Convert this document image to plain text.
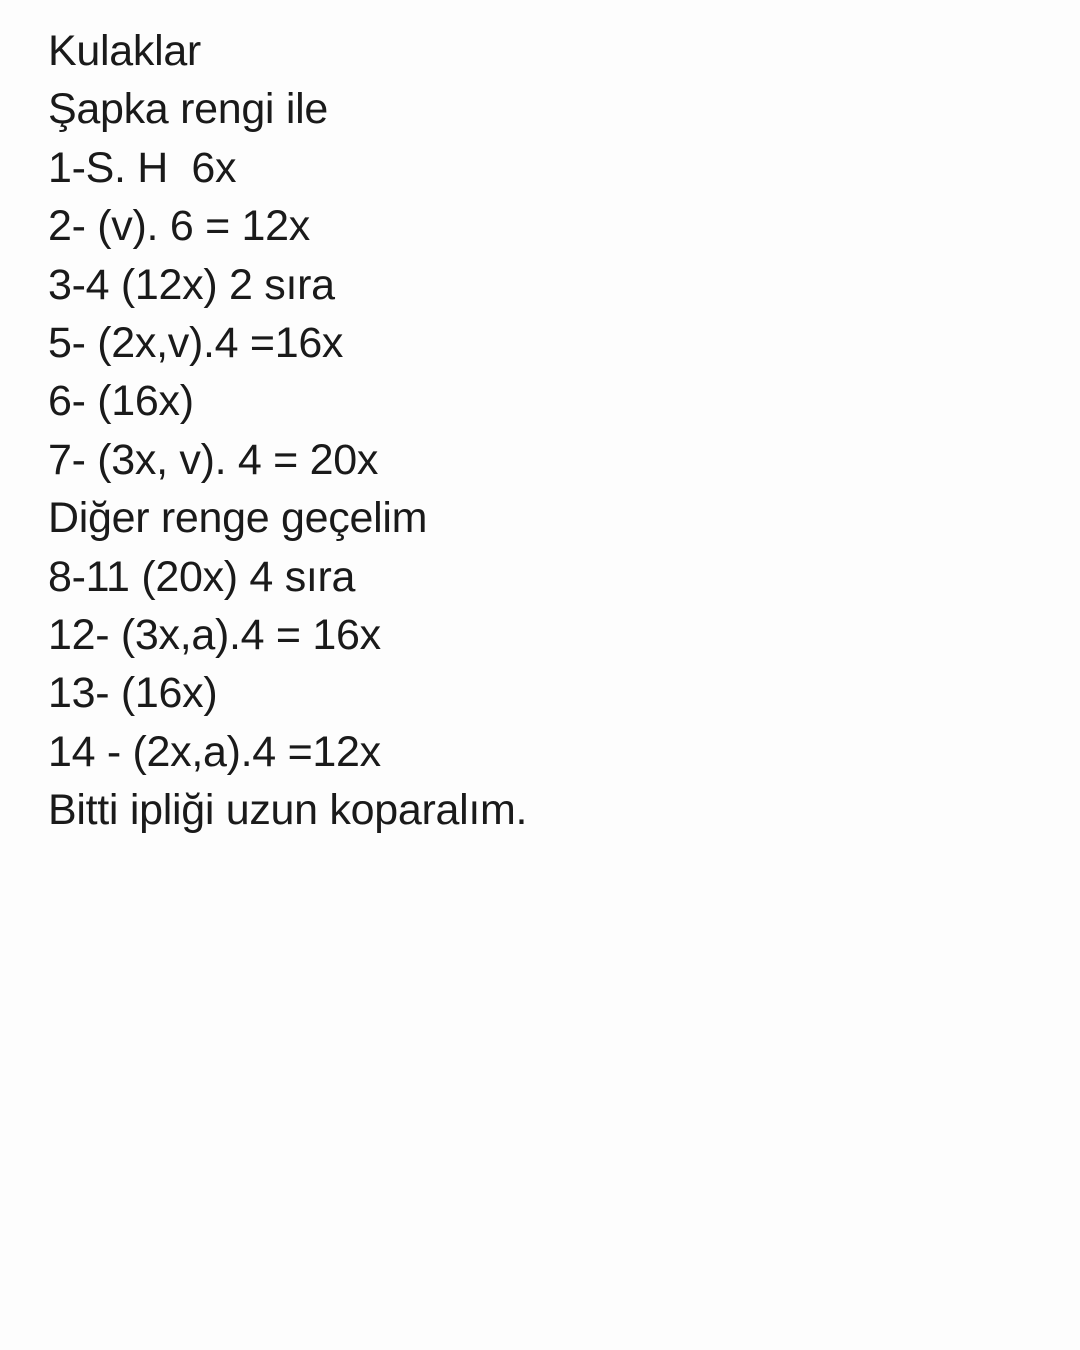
Kulaklar
Şapka rengi ile
1-S. H  6x
2- (v). 6 = 12x
3-4 (12x) 2 sıra
5- (2x,v).4 =16x
6- (16x)
7- (3x, v). 4 = 20x
Diğer renge geçelim
8-11 (20x) 4 sıra
12- (3x,a).4 = 16x
13- (16x)
14 - (2x,a).4 =12x
Bitti ipliği uzun koparalım.
